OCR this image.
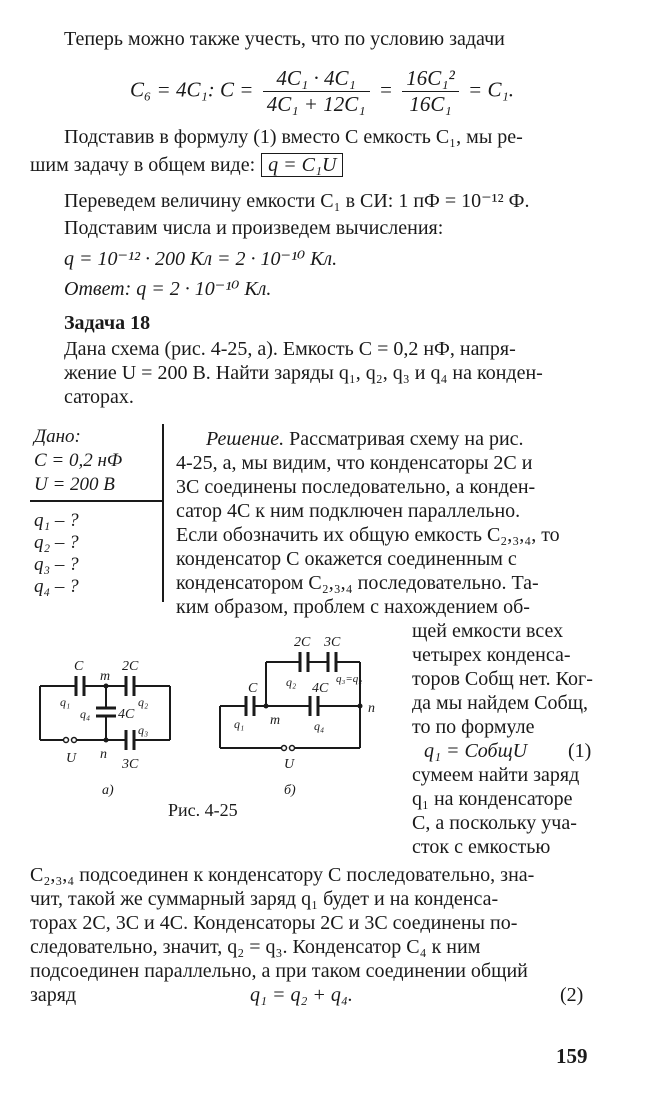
Теперь можно также учесть, что по условию задачи
C₆ = 4C₁: $C = \frac{\text{4C₁ · 4C₁}}{\text{4C₁ + 12C₁}} = \frac{\text{16C₁²}}{\text{16C₁}} = C_1$.
Подставив в формулу (1) вместо C емкость C₁, мы ре-
шим задачу в общем виде: q = C₁U
Переведем величину емкости C₁ в СИ: 1 пФ = 10⁻¹² Ф.
Подставим числа и произведем вычисления:
q = 10⁻¹² · 200 Кл = 2 · 10⁻¹⁰ Кл.
Ответ: q = 2 · 10⁻¹⁰ Кл.
Задача 18
Дана схема (рис. 4-25, а). Емкость C = 0,2 нФ, напря-
жение U = 200 В. Найти заряды q₁, q₂, q₃ и q₄ на конден-
саторах.
Дано:
C = 0,2 нФ
U = 200 В
q₁ – ?
q₂ – ?
q₃ – ?
q₄ – ?
Решение. Рассматривая схему на рис.
4-25, а, мы видим, что конденсаторы 2C и
3C соединены последовательно, а конден-
сатор 4C к ним подключен параллельно.
Если обозначить их общую емкость C₂,₃,₄, то
конденсатор C окажется соединенным с
конденсатором C₂,₃,₄ последовательно. Та-
ким образом, проблем с нахождением об-
щей емкости всех
четырех конденса-
торов Cобщ нет. Ког-
да мы найдем Cобщ,
то по формуле
q₁ = CобщU (1)
сумеем найти заряд
q₁ на конденсаторе
C, а поскольку уча-
сток с емкостью
C₂,₃,₄ подсоединен к конденсатору C последовательно, зна-
чит, такой же суммарный заряд q₁ будет и на конденса-
торах 2C, 3C и 4C. Конденсаторы 2C и 3C соединены по-
следовательно, значит, q₂ = q₃. Конденсатор C₄ к ним
подсоединен параллельно, а при таком соединении общий
заряд	q₁ = q₂ + q₄.	(2)
159
C	2C
m
q₁	q₂
q₄ 4C
q₃
U n
3C
а)
2C 3C
q₂ 4C
q₃=q₂
C
q₁ m	q₄
n
U
б)
Рис. 4-25
